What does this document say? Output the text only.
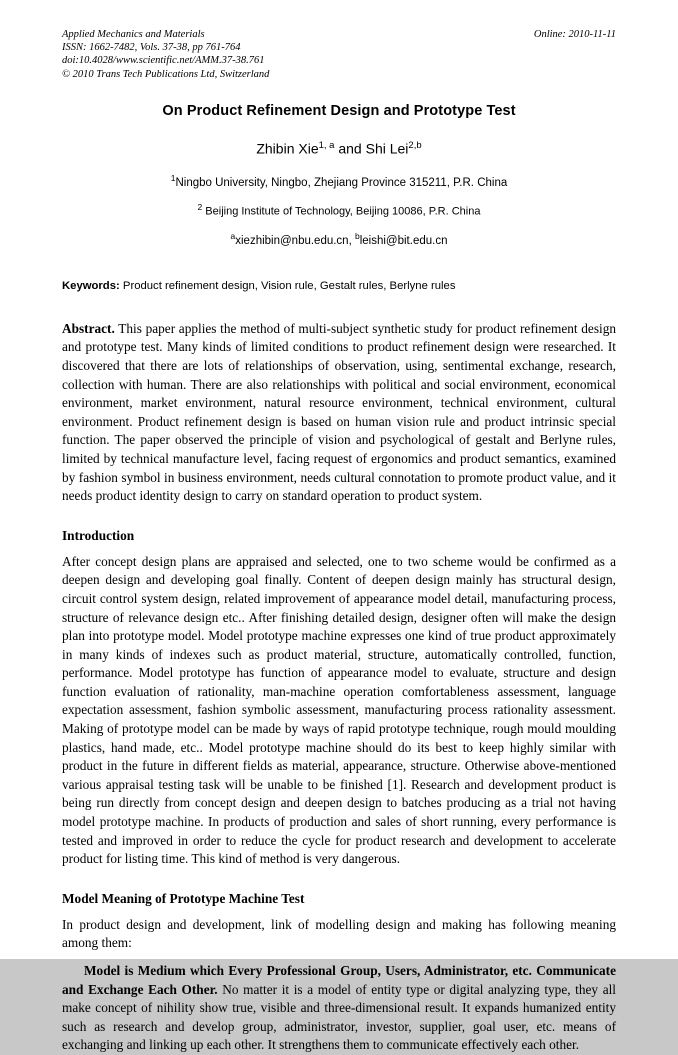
Online: 2010-11-11
Applied Mechanics and Materials
ISSN: 1662-7482, Vols. 37-38, pp 761-764
doi:10.4028/www.scientific.net/AMM.37-38.761
© 2010 Trans Tech Publications Ltd, Switzerland
On Product Refinement Design and Prototype Test
Zhibin Xie$^{1, a}$ and Shi Lei$^{2,b}$
$^1$Ningbo University, Ningbo, Zhejiang Province 315211, P.R. China
$^2$ Beijing Institute of Technology, Beijing 10086, P.R. China
$^a$xiezhibin@nbu.edu.cn, $^b$leishi@bit.edu.cn
Keywords: Product refinement design, Vision rule, Gestalt rules, Berlyne rules
Abstract. This paper applies the method of multi-subject synthetic study for product refinement design and prototype test. Many kinds of limited conditions to product refinement design were researched. It discovered that there are lots of relationships of observation, using, sentimental exchange, research, collection with human. There are also relationships with political and social environment, economical environment, market environment, natural resource environment, technical environment, cultural environment. Product refinement design is based on human vision rule and product intrinsic special function. The paper observed the principle of vision and psychological of gestalt and Berlyne rules, limited by technical manufacture level, facing request of ergonomics and product semantics, examined by fashion symbol in business environment, needs cultural connotation to promote product value, and it needs product identity design to carry on standard operation to product system.
Introduction

After concept design plans are appraised and selected, one to two scheme would be confirmed as a deepen design and developing goal finally. Content of deepen design mainly has structural design, circuit control system design, related improvement of appearance model detail, manufacturing process, structure of relevance design etc.. After finishing detailed design, designer often will make the design plan into prototype model. Model prototype machine expresses one kind of true product approximately in many kinds of indexes such as product material, structure, automatically controlled, function, performance. Model prototype has function of appearance model to evaluate, structure and design function evaluation of rationality, man-machine operation comfortableness assessment, language expectation assessment, fashion symbolic assessment, manufacturing process rationality assessment. Making of prototype model can be made by ways of rapid prototype technique, rough mould moulding plastics, hand made, etc.. Model prototype machine should do its best to keep highly similar with product in the future in different fields as material, appearance, structure. Otherwise above-mentioned various appraisal testing task will be unable to be finished [1]. Research and development product is being run directly from concept design and deepen design to batches producing as a trial not having model prototype machine. In products of production and sales of short running, every performance is tested and improved in order to reduce the cycle for product research and development to accelerate product for listing time. This kind of method is very dangerous.

Model Meaning of Prototype Machine Test

In product design and development, link of modelling design and making has following meaning among them:

Model is Medium which Every Professional Group, Users, Administrator, etc. Communicate and Exchange Each Other. No matter it is a model of entity type or digital analyzing type, they all make concept of nihility show true, visible and three-dimensional result. It expands humanized entity such as research and develop group, administrator, investor, supplier, goal user, etc. means of exchanging and linking up each other. It strengthens them to communicate effectively each other.
